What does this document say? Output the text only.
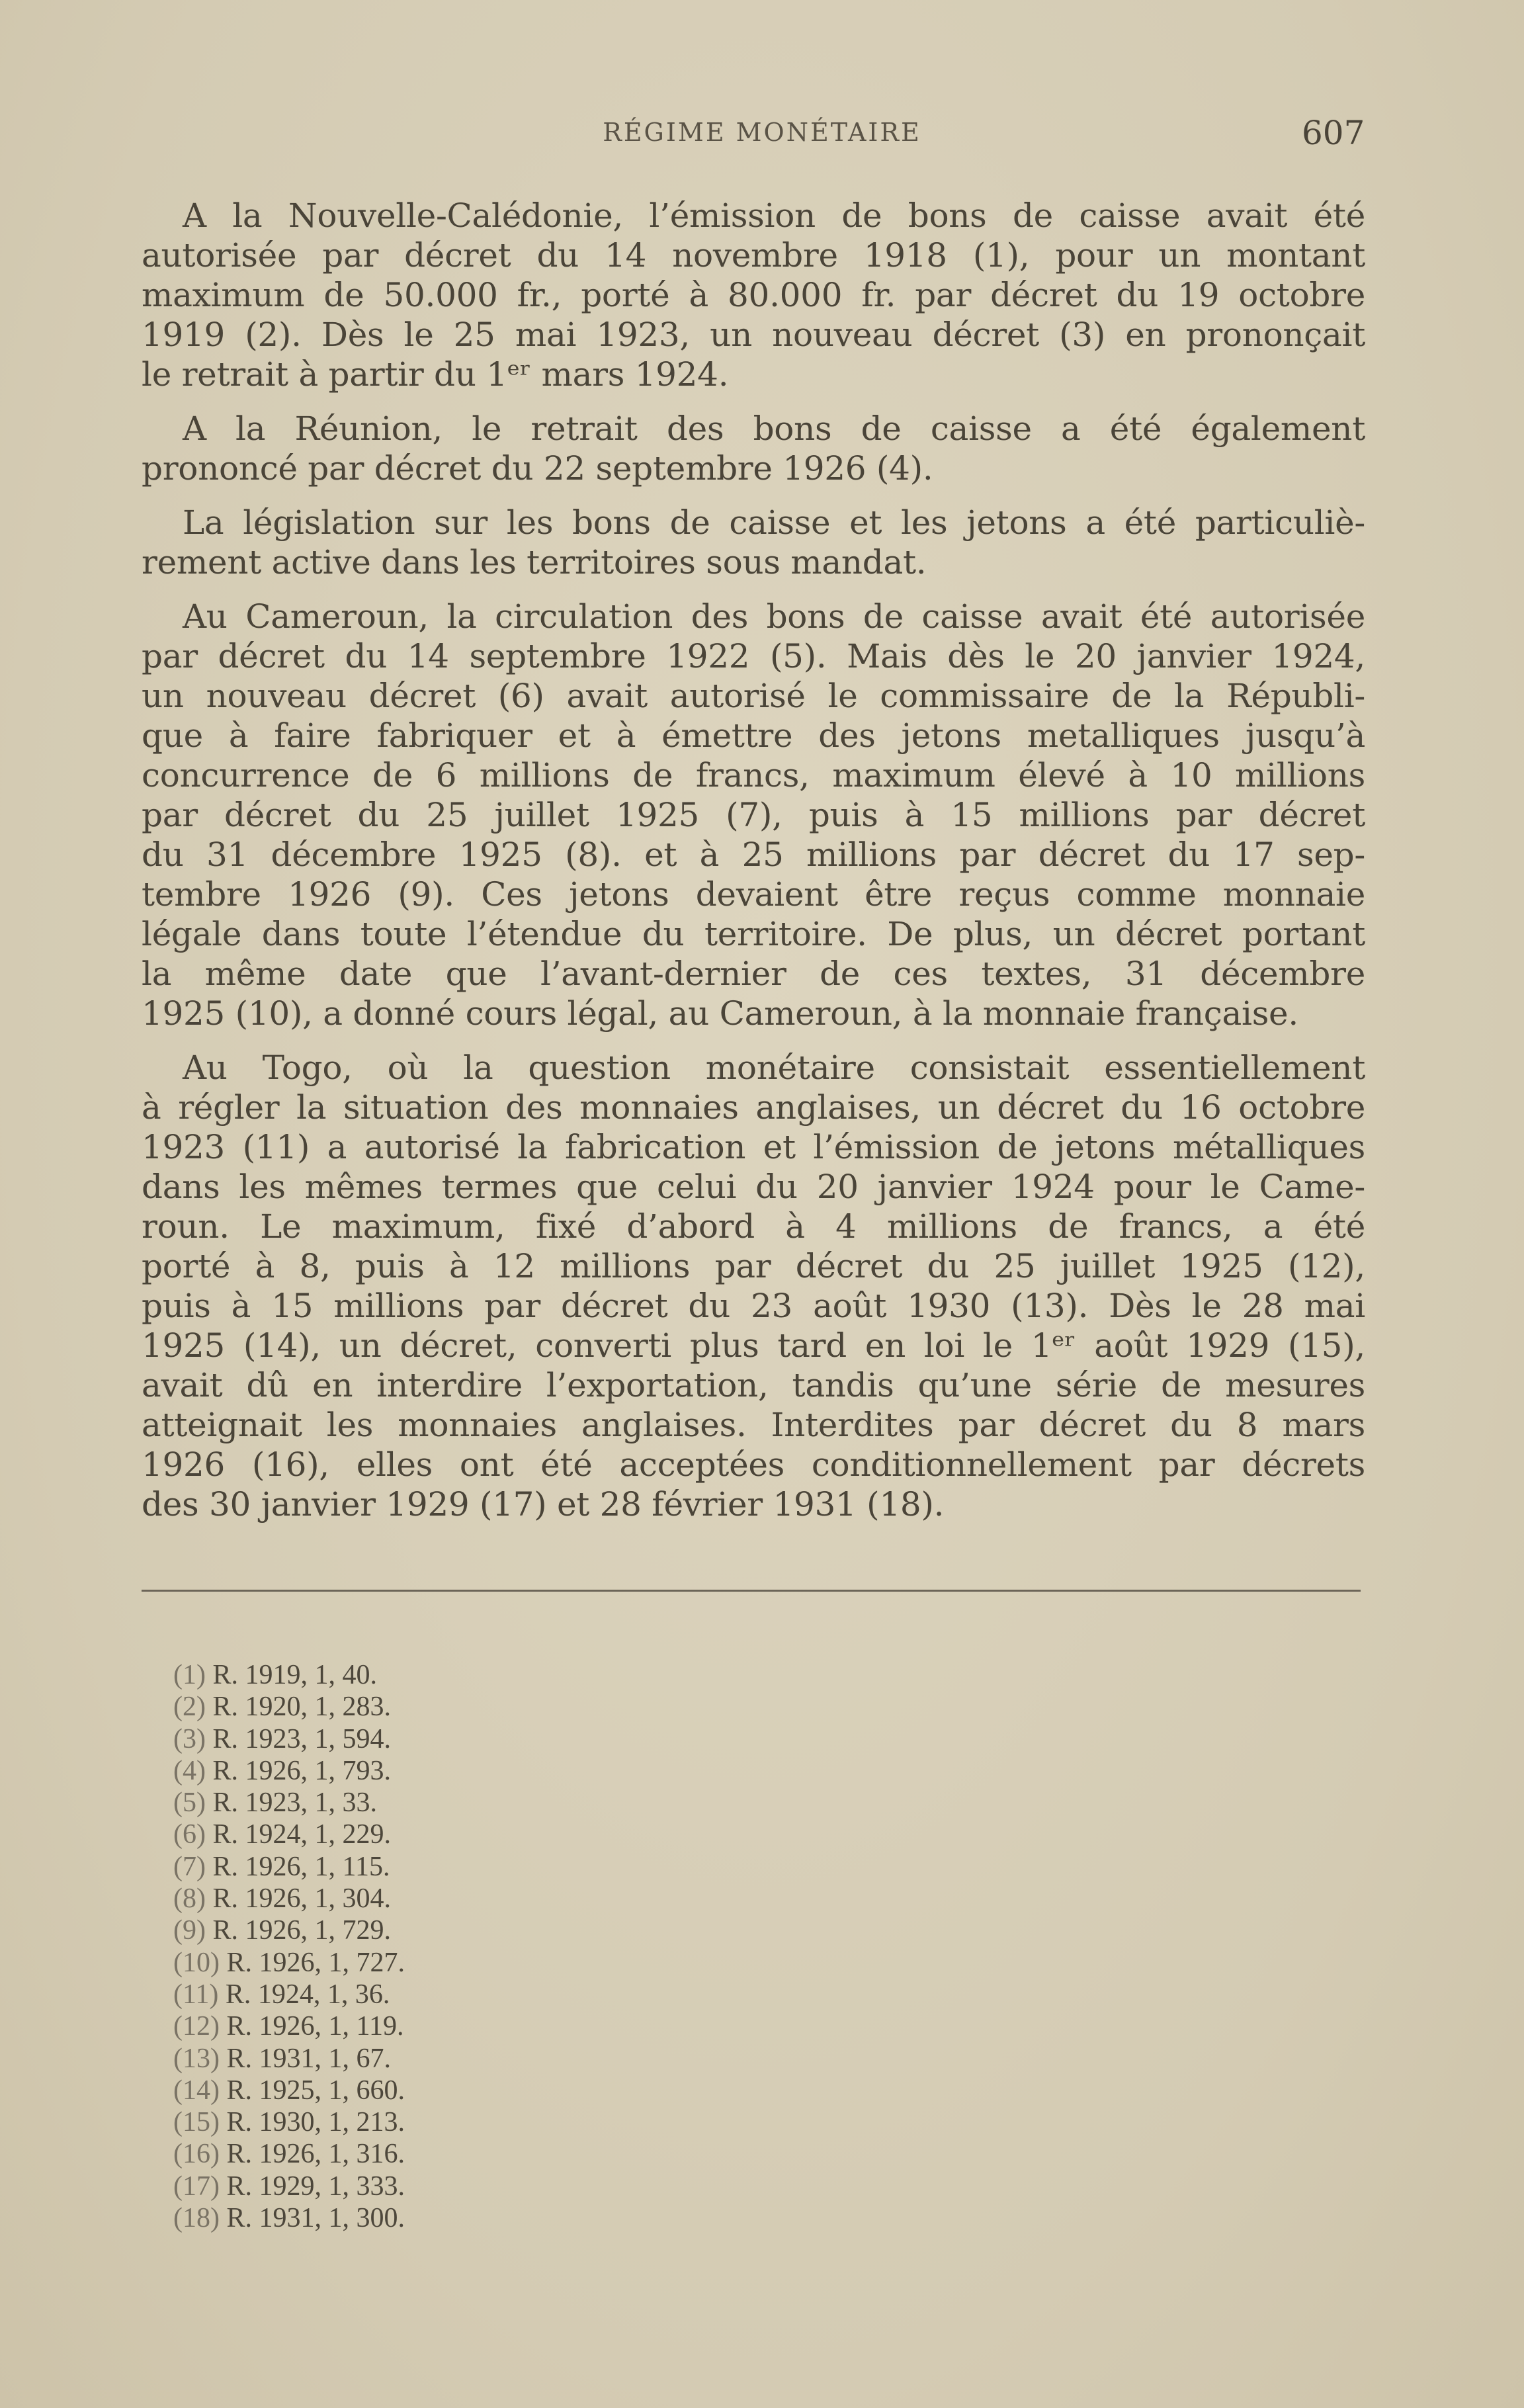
RÉGIME MONÉTAIRE	607
A la Nouvelle-Calédonie, l’émission de bons de caisse avait été
autorisée par décret du 14 novembre 1918 (1), pour un montant
maximum de 50.000 fr., porté à 80.000 fr. par décret du 19 octobre
1919 (2). Dès le 25 mai 1923, un nouveau décret (3) en prononçait
le retrait à partir du 1ᵉʳ mars 1924.
A la Réunion, le retrait des bons de caisse a été également
prononcé par décret du 22 septembre 1926 (4).
La législation sur les bons de caisse et les jetons a été particuliè-
rement active dans les territoires sous mandat.
Au Cameroun, la circulation des bons de caisse avait été autorisée
par décret du 14 septembre 1922 (5). Mais dès le 20 janvier 1924,
un nouveau décret (6) avait autorisé le commissaire de la Républi-
que à faire fabriquer et à émettre des jetons metalliques jusqu’à
concurrence de 6 millions de francs, maximum élevé à 10 millions
par décret du 25 juillet 1925 (7), puis à 15 millions par décret
du 31 décembre 1925 (8). et à 25 millions par décret du 17 sep-
tembre 1926 (9). Ces jetons devaient être reçus comme monnaie
légale dans toute l’étendue du territoire. De plus, un décret portant
la même date que l’avant-dernier de ces textes, 31 décembre
1925 (10), a donné cours légal, au Cameroun, à la monnaie française.
Au Togo, où la question monétaire consistait essentiellement
à régler la situation des monnaies anglaises, un décret du 16 octobre
1923 (11) a autorisé la fabrication et l’émission de jetons métalliques
dans les mêmes termes que celui du 20 janvier 1924 pour le Came-
roun. Le maximum, fixé d’abord à 4 millions de francs, a été
porté à 8, puis à 12 millions par décret du 25 juillet 1925 (12),
puis à 15 millions par décret du 23 août 1930 (13). Dès le 28 mai
1925 (14), un décret, converti plus tard en loi le 1ᵉʳ août 1929 (15),
avait dû en interdire l’exportation, tandis qu’une série de mesures
atteignait les monnaies anglaises. Interdites par décret du 8 mars
1926 (16), elles ont été acceptées conditionnellement par décrets
des 30 janvier 1929 (17) et 28 février 1931 (18).
(1) R. 1919, 1, 40.
(2) R. 1920, 1, 283.
(3) R. 1923, 1, 594.
(4) R. 1926, 1, 793.
(5) R. 1923, 1, 33.
(6) R. 1924, 1, 229.
(7) R. 1926, 1, 115.
(8) R. 1926, 1, 304.
(9) R. 1926, 1, 729.
(10) R. 1926, 1, 727.
(11) R. 1924, 1, 36.
(12) R. 1926, 1, 119.
(13) R. 1931, 1, 67.
(14) R. 1925, 1, 660.
(15) R. 1930, 1, 213.
(16) R. 1926, 1, 316.
(17) R. 1929, 1, 333.
(18) R. 1931, 1, 300.
